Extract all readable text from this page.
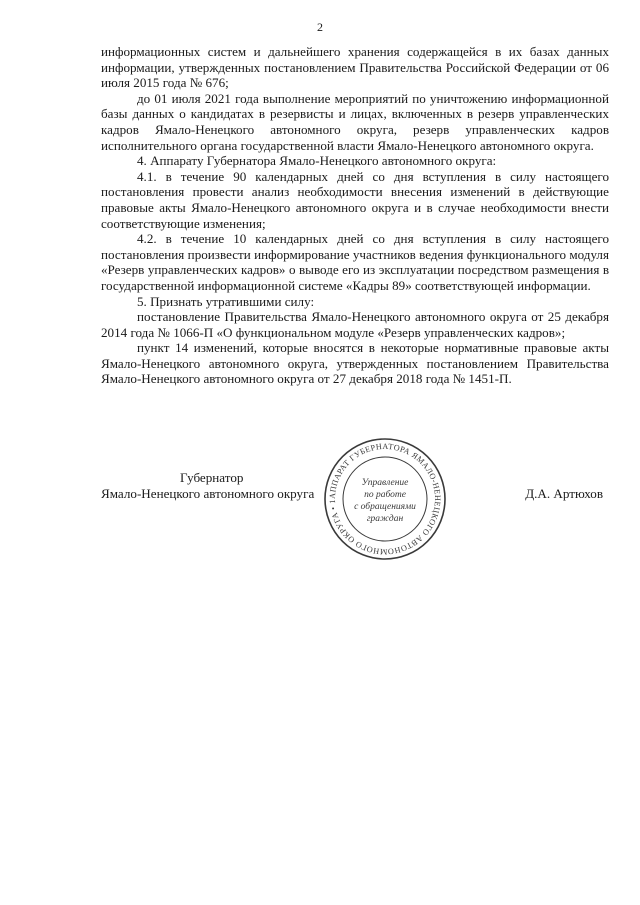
2

информационных систем и дальнейшего хранения содержащейся в их базах данных информации, утвержденных постановлением Правительства Российской Федерации от 06 июля 2015 года № 676;

до 01 июля 2021 года выполнение мероприятий по уничтожению информационной базы данных о кандидатах в резервисты и лицах, включенных в резерв управленческих кадров Ямало-Ненецкого автономного округа, резерв управленческих кадров исполнительного органа государственной власти Ямало-Ненецкого автономного округа.

4. Аппарату Губернатора Ямало-Ненецкого автономного округа:

4.1. в течение 90 календарных дней со дня вступления в силу настоящего постановления провести анализ необходимости внесения изменений в действующие правовые акты Ямало-Ненецкого автономного округа и в случае необходимости внести соответствующие изменения;

4.2. в течение 10 календарных дней со дня вступления в силу настоящего постановления произвести информирование участников ведения функционального модуля «Резерв управленческих кадров» о выводе его из эксплуатации посредством размещения в государственной информационной системе «Кадры 89» соответствующей информации.

5. Признать утратившими силу:

постановление Правительства Ямало-Ненецкого автономного округа от 25 декабря 2014 года № 1066-П «О функциональном модуле «Резерв управленческих кадров»;

пункт 14 изменений, которые вносятся в некоторые нормативные правовые акты Ямало-Ненецкого автономного округа, утвержденных постановлением Правительства Ямало-Ненецкого автономного округа от 27 декабря 2018 года № 1451-П.

Губернатор
Ямало-Ненецкого автономного округа	Д.А. Артюхов
АППАРАТ ГУБЕРНАТОРА ЯМАЛО-НЕНЕЦКОГО АВТОНОМНОГО ОКРУГА • 1
Управление
по работе
с обращениями
граждан
